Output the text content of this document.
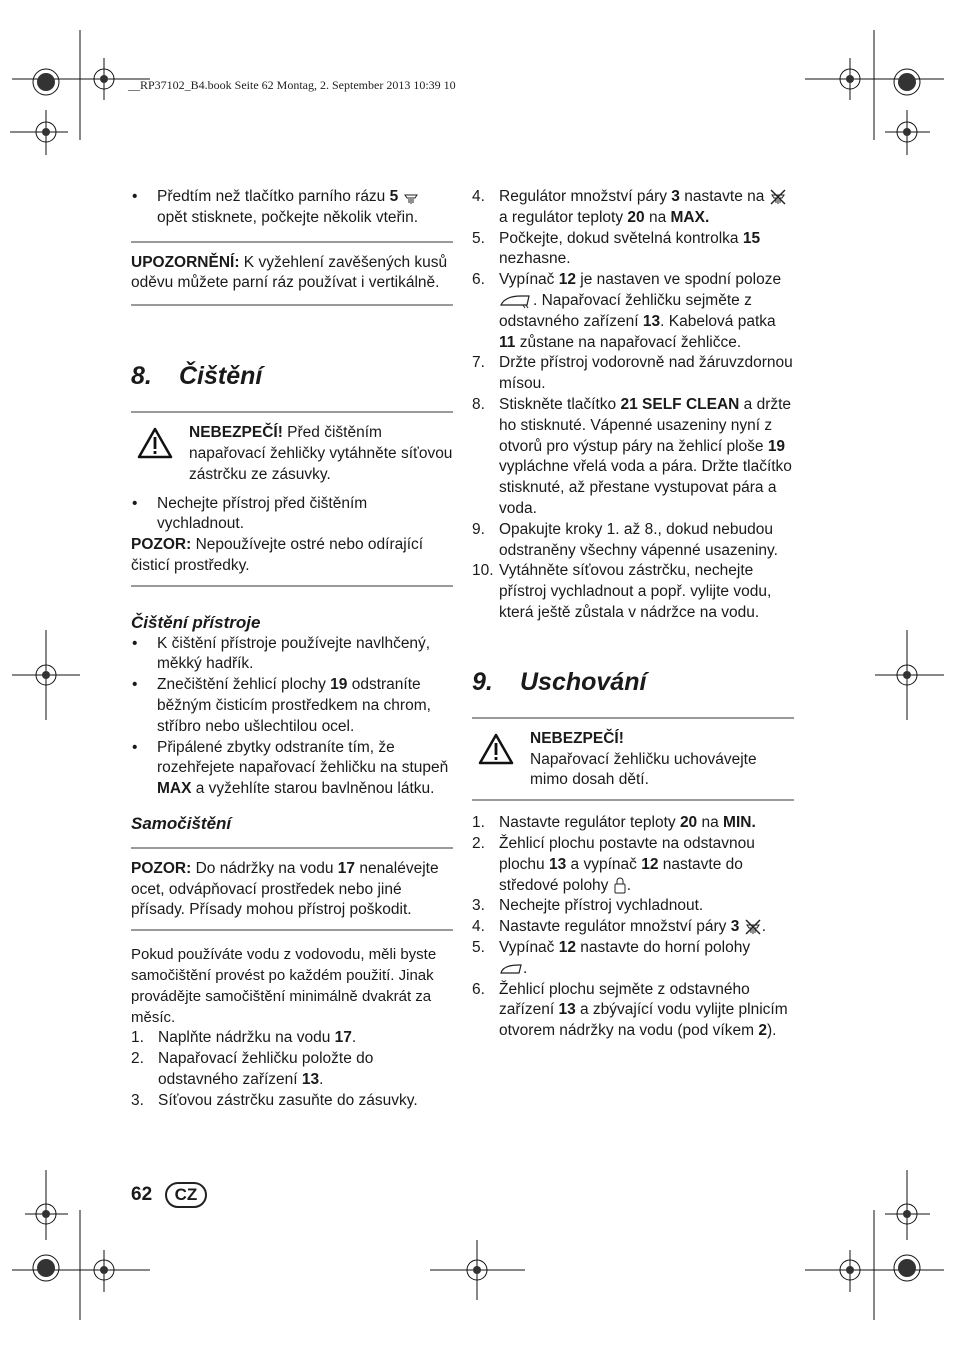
__RP37102_B4.book Seite 62 Montag, 2. September 2013 10:39 10
• Předtím než tlačítko parního rázu 5  opět stisknete, počkejte několik vteřin.
UPOZORNĚNÍ: K vyžehlení zavěšených kusů oděvu můžete parní ráz používat i vertikálně.
8. Čištění
NEBEZPEČÍ! Před čištěním napařovací žehličky vytáhněte síťovou zástrčku ze zásuvky.
• Nechejte přístroj před čištěním vychladnout.
POZOR: Nepoužívejte ostré nebo odírající čisticí prostředky.
Čištění přístroje
• K čištění přístroje používejte navlhčený, měkký hadřík.
• Znečištění žehlicí plochy 19 odstraníte běžným čisticím prostředkem na chrom, stříbro nebo ušlechtilou ocel.
• Připálené zbytky odstraníte tím, že rozehřejete napařovací žehličku na stupeň MAX a vyžehlíte starou bavlněnou látku.
Samočištění
POZOR: Do nádržky na vodu 17 nenalévejte ocet, odvápňovací prostředek nebo jiné přísady. Přísady mohou přístroj poškodit.
Pokud používáte vodu z vodovodu, měli byste samočištění provést po každém použití. Jinak provádějte samočištění minimálně dvakrát za měsíc.
1. Naplňte nádržku na vodu 17.
2. Napařovací žehličku položte do odstavného zařízení 13.
3. Síťovou zástrčku zasuňte do zásuvky.
4. Regulátor množství páry 3 nastavte na  a regulátor teploty 20 na MAX.
5. Počkejte, dokud světelná kontrolka 15 nezhasne.
6. Vypínač 12 je nastaven ve spodní poloze . Napařovací žehličku sejměte z odstavného zařízení 13. Kabelová patka 11 zůstane na napařovací žehličce.
7. Držte přístroj vodorovně nad žáruvzdornou mísou.
8. Stiskněte tlačítko 21 SELF CLEAN a držte ho stisknuté. Vápenné usazeniny nyní z otvorů pro výstup páry na žehlicí ploše 19 vypláchne vřelá voda a pára. Držte tlačítko stisknuté, až přestane vystupovat pára a voda.
9. Opakujte kroky 1. až 8., dokud nebudou odstraněny všechny vápenné usazeniny.
10. Vytáhněte síťovou zástrčku, nechejte přístroj vychladnout a popř. vylijte vodu, která ještě zůstala v nádržce na vodu.
9. Uschování
NEBEZPEČÍ!
Napařovací žehličku uchovávejte mimo dosah dětí.
1. Nastavte regulátor teploty 20 na MIN.
2. Žehlicí plochu postavte na odstavnou plochu 13 a vypínač 12 nastavte do středové polohy .
3. Nechejte přístroj vychladnout.
4. Nastavte regulátor množství páry 3 .
5. Vypínač 12 nastavte do horní polohy
.
6. Žehlicí plochu sejměte z odstavného zařízení 13 a zbývající vodu vylijte plnicím otvorem nádržky na vodu (pod víkem 2).
62 CZ
